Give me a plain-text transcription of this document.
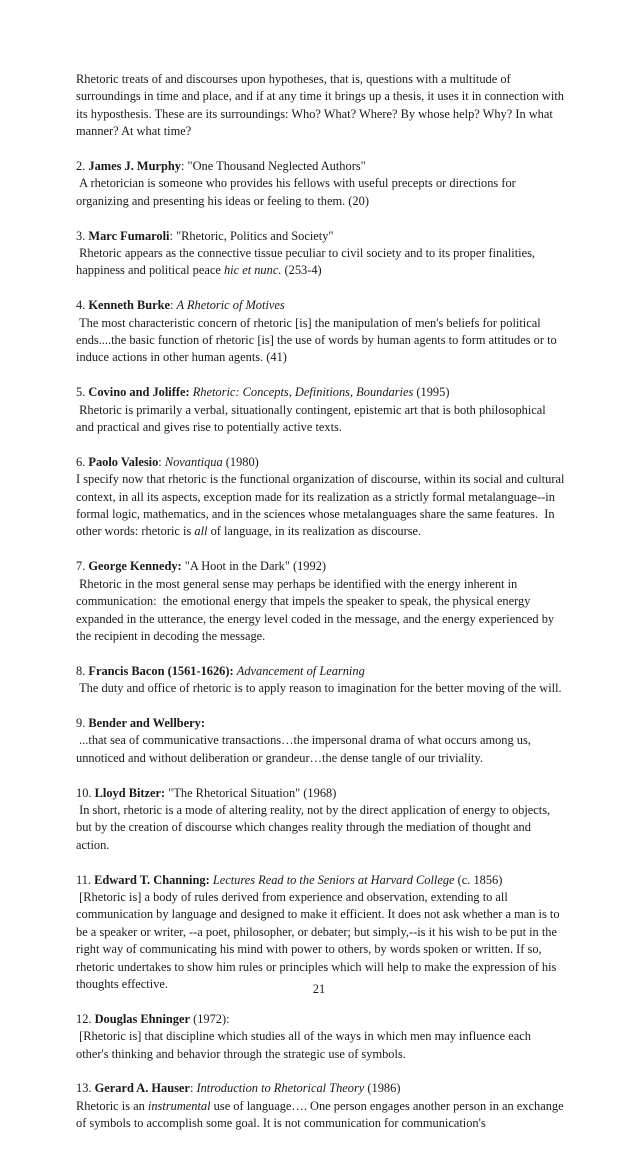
Rhetoric treats of and discourses upon hypotheses, that is, questions with a multitude of surroundings in time and place, and if at any time it brings up a thesis, it uses it in connection with its hyposthesis. These are its surroundings: Who? What? Where? By whose help? Why? In what manner? At what time?
2. James J. Murphy: "One Thousand Neglected Authors"
A rhetorician is someone who provides his fellows with useful precepts or directions for organizing and presenting his ideas or feeling to them. (20)
3. Marc Fumaroli: "Rhetoric, Politics and Society"
Rhetoric appears as the connective tissue peculiar to civil society and to its proper finalities, happiness and political peace hic et nunc. (253-4)
4. Kenneth Burke: A Rhetoric of Motives
The most characteristic concern of rhetoric [is] the manipulation of men's beliefs for political ends....the basic function of rhetoric [is] the use of words by human agents to form attitudes or to induce actions in other human agents. (41)
5. Covino and Joliffe: Rhetoric: Concepts, Definitions, Boundaries (1995)
Rhetoric is primarily a verbal, situationally contingent, epistemic art that is both philosophical and practical and gives rise to potentially active texts.
6. Paolo Valesio: Novantiqua (1980)
I specify now that rhetoric is the functional organization of discourse, within its social and cultural context, in all its aspects, exception made for its realization as a strictly formal metalanguage--in formal logic, mathematics, and in the sciences whose metalanguages share the same features.  In other words: rhetoric is all of language, in its realization as discourse.
7. George Kennedy: "A Hoot in the Dark" (1992)
Rhetoric in the most general sense may perhaps be identified with the energy inherent in communication:  the emotional energy that impels the speaker to speak, the physical energy expanded in the utterance, the energy level coded in the message, and the energy experienced by the recipient in decoding the message.
8. Francis Bacon (1561-1626): Advancement of Learning
The duty and office of rhetoric is to apply reason to imagination for the better moving of the will.
9. Bender and Wellbery:
...that sea of communicative transactions…the impersonal drama of what occurs among us, unnoticed and without deliberation or grandeur…the dense tangle of our triviality.
10. Lloyd Bitzer: "The Rhetorical Situation" (1968)
In short, rhetoric is a mode of altering reality, not by the direct application of energy to objects, but by the creation of discourse which changes reality through the mediation of thought and action.
11. Edward T. Channing: Lectures Read to the Seniors at Harvard College (c. 1856)
[Rhetoric is] a body of rules derived from experience and observation, extending to all communication by language and designed to make it efficient. It does not ask whether a man is to be a speaker or writer, --a poet, philosopher, or debater; but simply,--is it his wish to be put in the right way of communicating his mind with power to others, by words spoken or written. If so, rhetoric undertakes to show him rules or principles which will help to make the expression of his thoughts effective.
12. Douglas Ehninger (1972):
[Rhetoric is] that discipline which studies all of the ways in which men may influence each other's thinking and behavior through the strategic use of symbols.
13. Gerard A. Hauser: Introduction to Rhetorical Theory (1986)
Rhetoric is an instrumental use of language…. One person engages another person in an exchange of symbols to accomplish some goal. It is not communication for communication's
21
